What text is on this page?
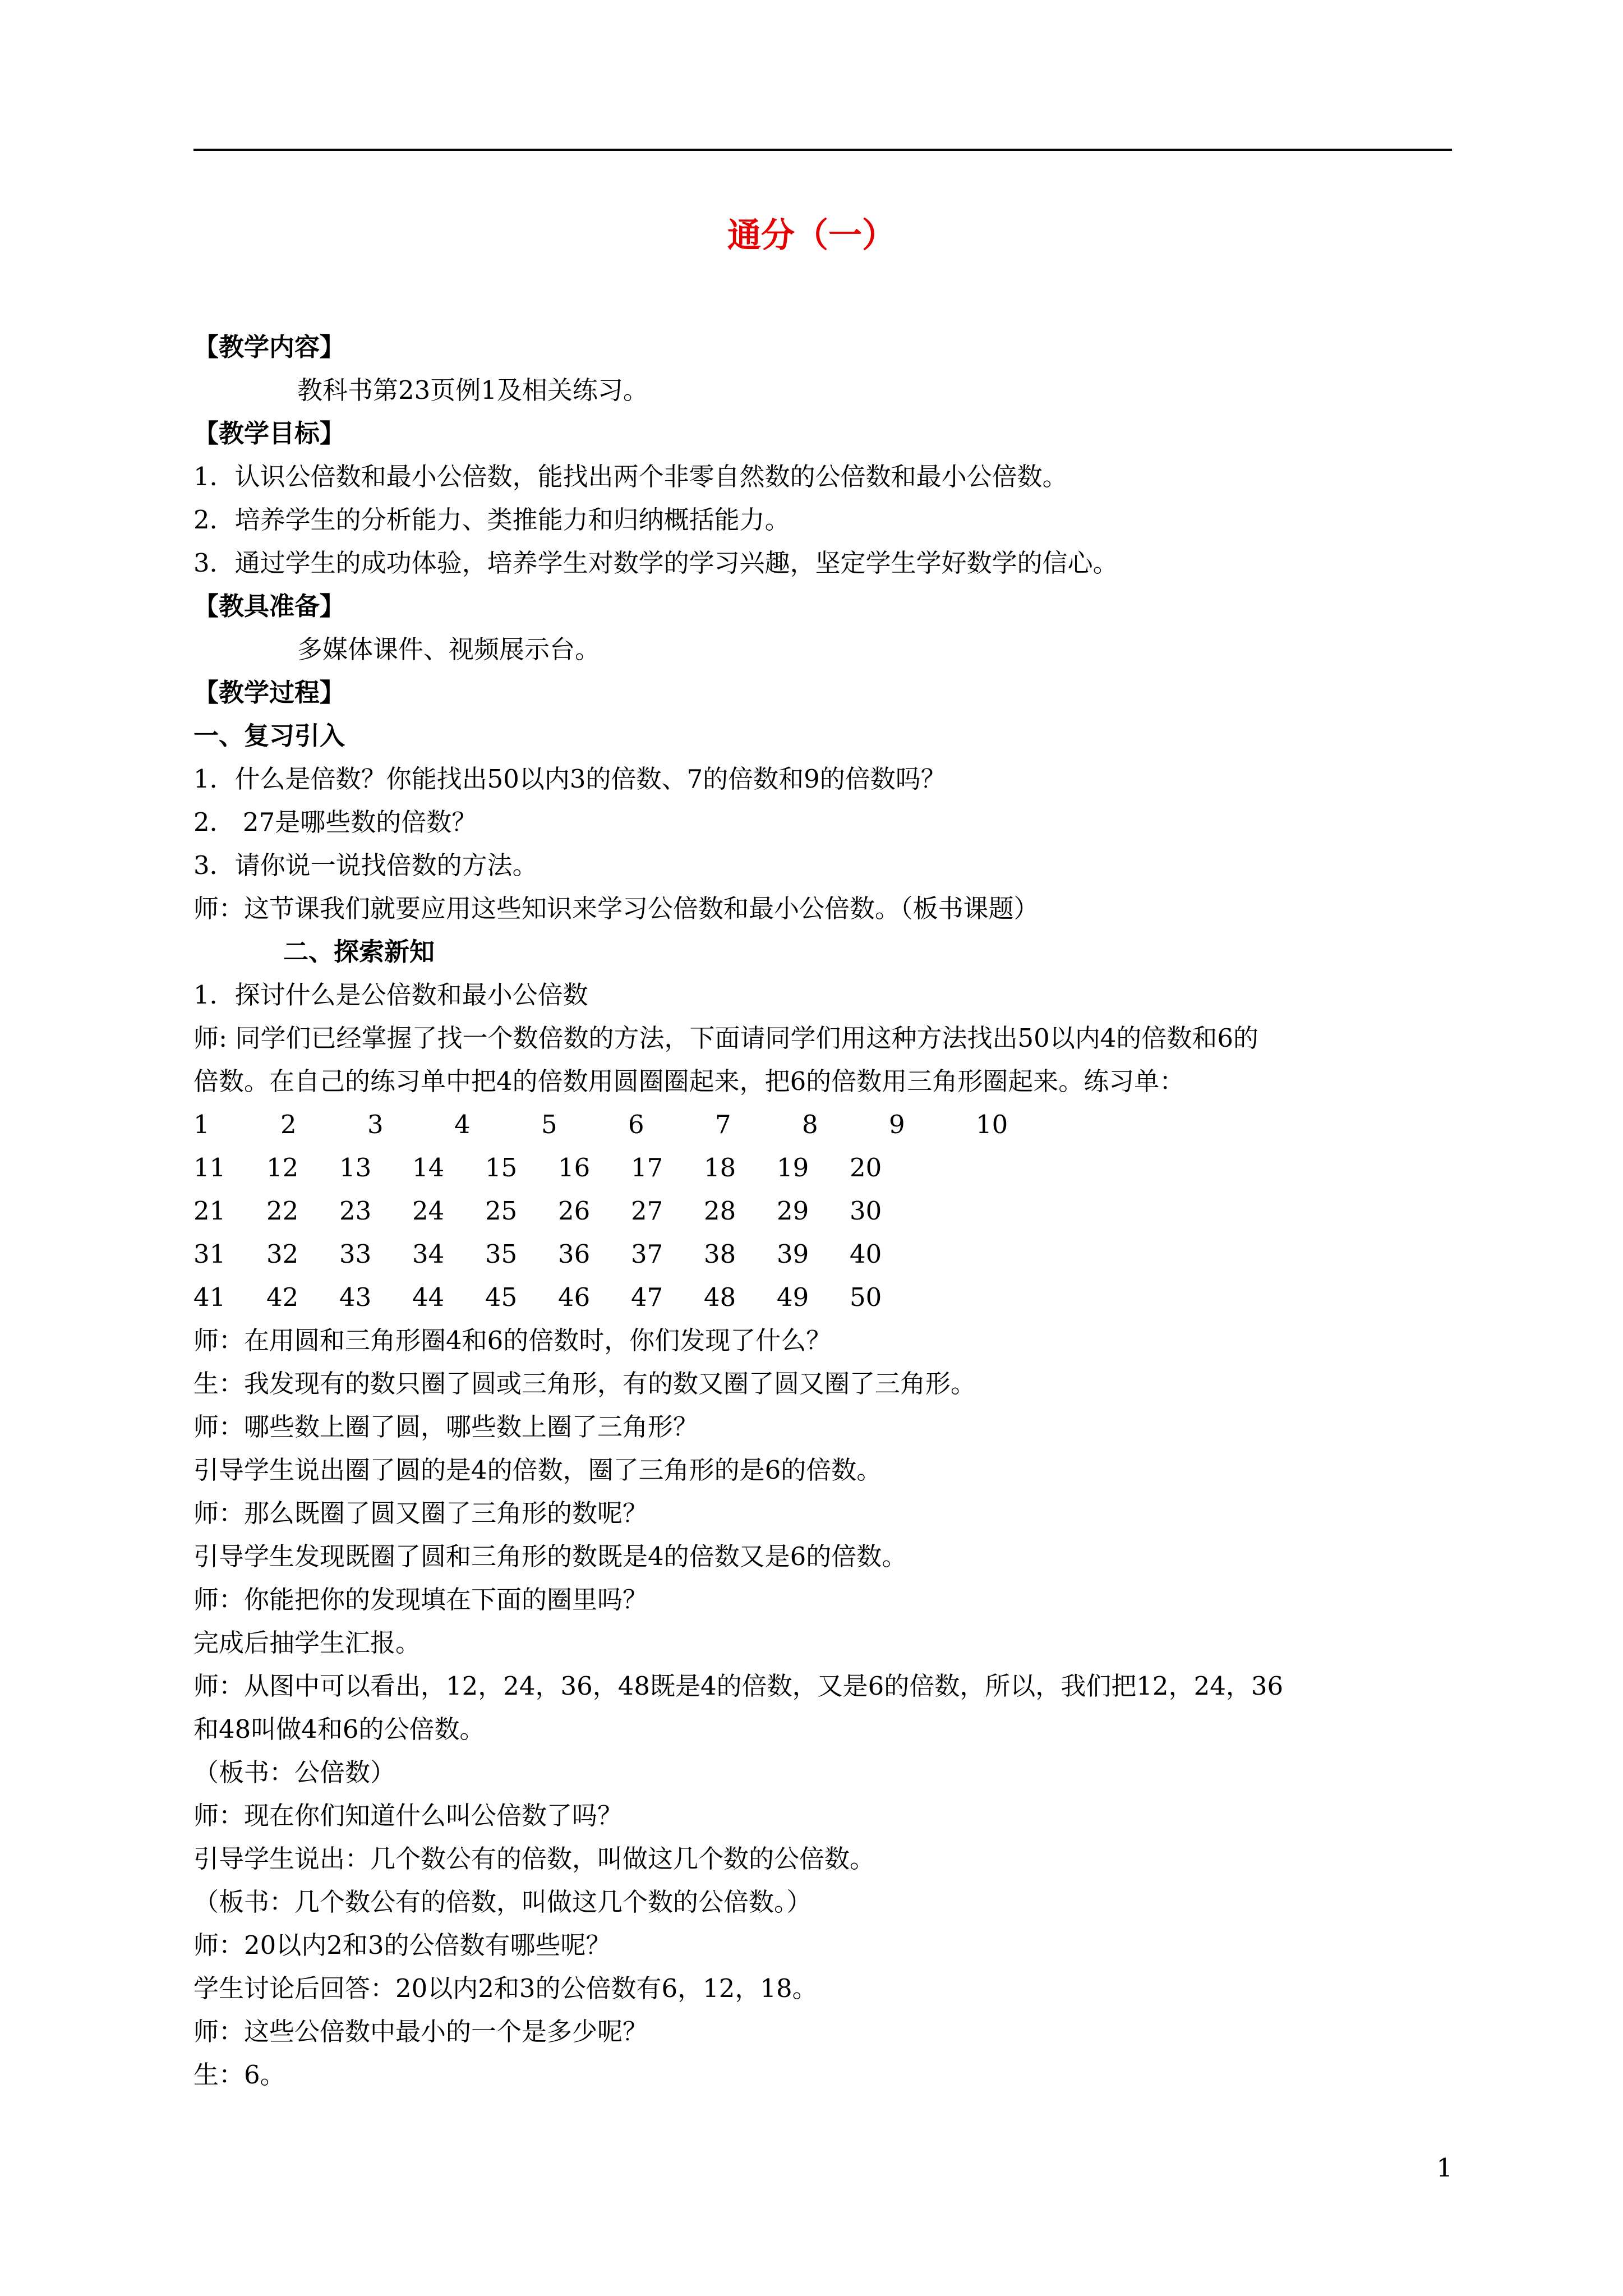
通分（一）
【教学内容】
教科书第23页例1及相关练习。
【教学目标】
1．认识公倍数和最小公倍数，能找出两个非零自然数的公倍数和最小公倍数。
2．培养学生的分析能力、类推能力和归纳概括能力。
3．通过学生的成功体验，培养学生对数学的学习兴趣，坚定学生学好数学的信心。
【教具准备】
多媒体课件、视频展示台。
【教学过程】
一、复习引入
1．什么是倍数？你能找出50以内3的倍数、7的倍数和9的倍数吗？
2． 27是哪些数的倍数？
3．请你说一说找倍数的方法。
师：这节课我们就要应用这些知识来学习公倍数和最小公倍数。（板书课题）
二、探索新知
1．探讨什么是公倍数和最小公倍数
师: 同学们已经掌握了找一个数倍数的方法，下面请同学们用这种方法找出50以内4的倍数和6的
倍数。在自己的练习单中把4的倍数用圆圈圈起来，把6的倍数用三角形圈起来。练习单：
1	2	3	4	5	6	7	8	9	10
11 12 13 14 15 16 17 18 19 20
21 22 23 24 25 26 27 28 29 30
31 32 33 34 35 36 37 38 39 40
41 42 43 44 45 46 47 48 49 50
师：在用圆和三角形圈4和6的倍数时，你们发现了什么？
生：我发现有的数只圈了圆或三角形，有的数又圈了圆又圈了三角形。
师：哪些数上圈了圆，哪些数上圈了三角形？
引导学生说出圈了圆的是4的倍数，圈了三角形的是6的倍数。
师：那么既圈了圆又圈了三角形的数呢？
引导学生发现既圈了圆和三角形的数既是4的倍数又是6的倍数。
师：你能把你的发现填在下面的圈里吗？
完成后抽学生汇报。
师：从图中可以看出，12，24，36，48既是4的倍数，又是6的倍数，所以，我们把12，24，36
和48叫做4和6的公倍数。
（板书：公倍数）
师：现在你们知道什么叫公倍数了吗？
引导学生说出：几个数公有的倍数，叫做这几个数的公倍数。
（板书：几个数公有的倍数，叫做这几个数的公倍数。）
师：20以内2和3的公倍数有哪些呢？
学生讨论后回答：20以内2和3的公倍数有6，12，18。
师：这些公倍数中最小的一个是多少呢？
生：6。
1
